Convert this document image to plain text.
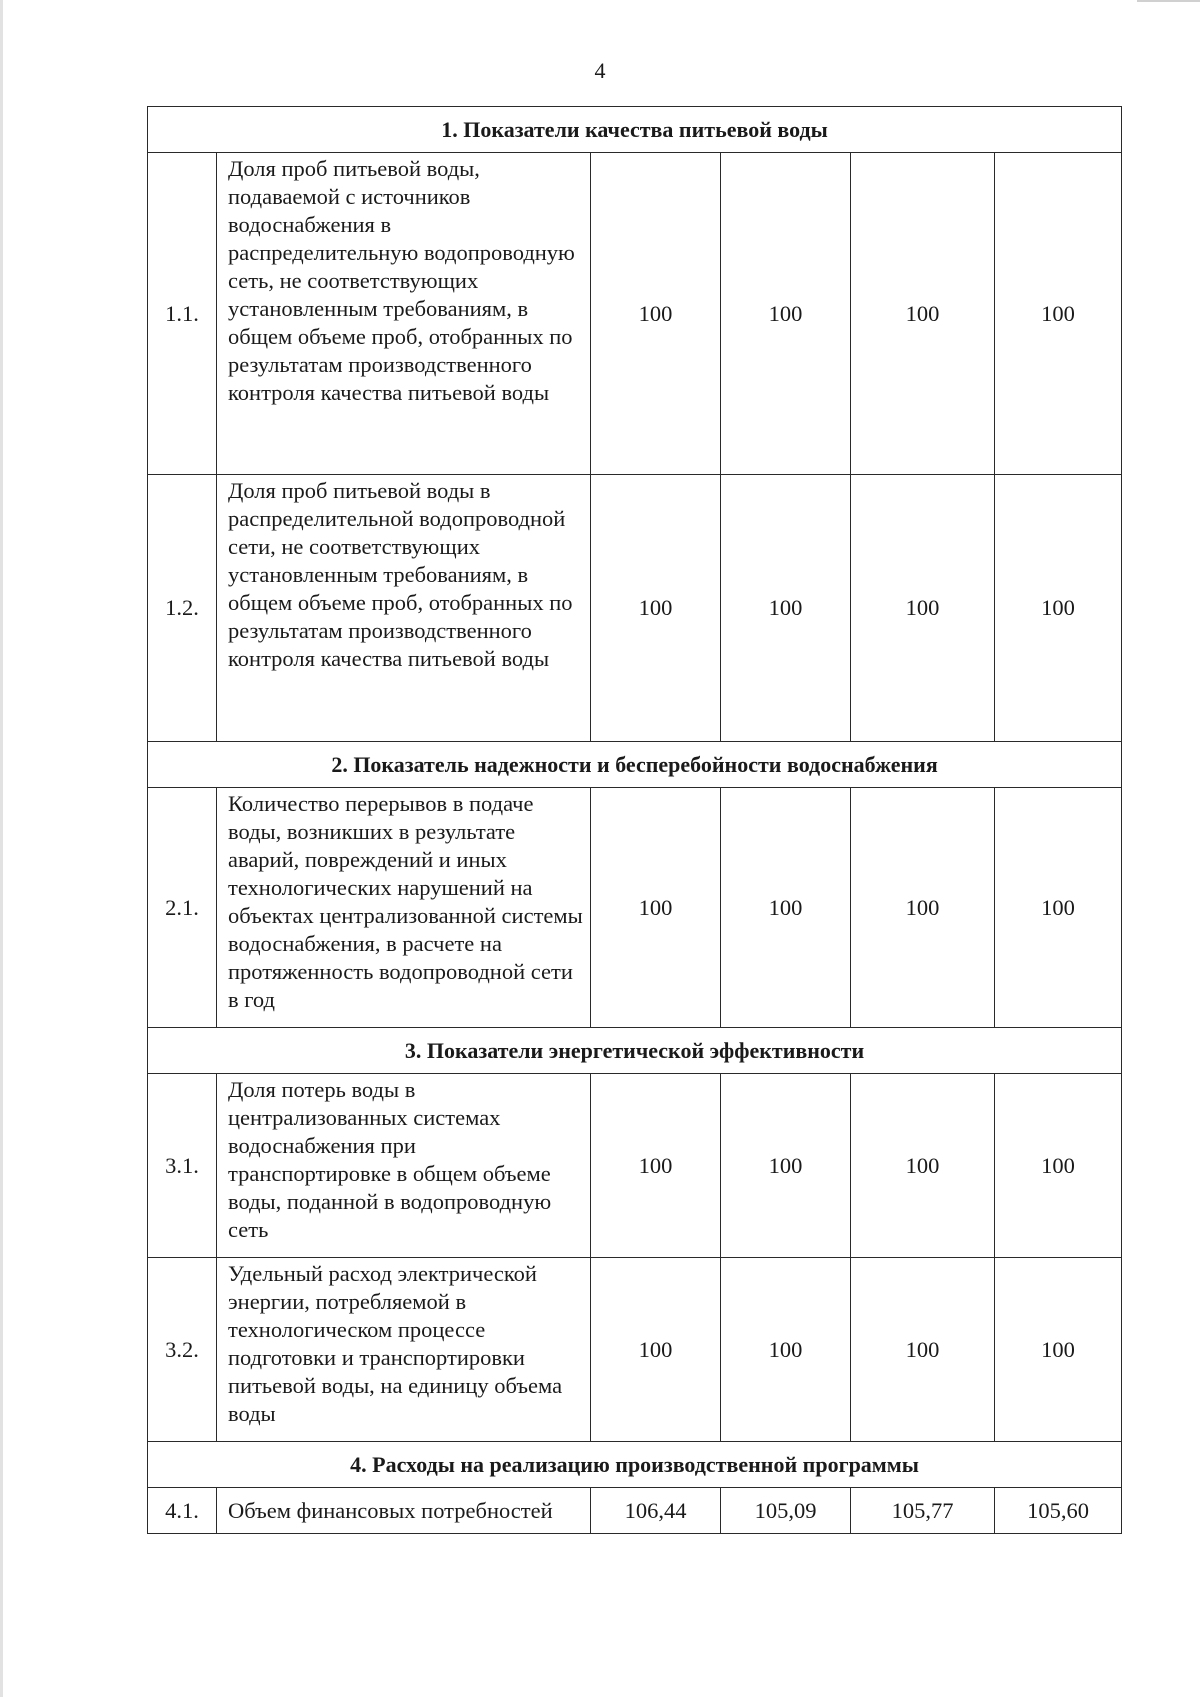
4
1. Показатели качества питьевой воды					
1.1.	Доля проб питьевой воды, подаваемой с источников водоснабжения в распределительную водопроводную сеть, не соответствующих установленным требованиям, в общем объеме проб, отобранных по результатам производственного контроля качества питьевой воды	100	100	100	100
1.2.	Доля проб питьевой воды в распределительной водопроводной сети, не соответствующих установленным требованиям, в общем объеме проб, отобранных по результатам производственного контроля качества питьевой воды	100	100	100	100
2. Показатель надежности и бесперебойности водоснабжения					
2.1.	Количество перерывов в подаче воды, возникших в результате аварий, повреждений и иных технологических нарушений на объектах централизованной системы водоснабжения, в расчете на протяженность водопроводной сети в год	100	100	100	100
3. Показатели энергетической эффективности					
3.1.	Доля потерь воды в централизованных системах водоснабжения при транспортировке в общем объеме воды, поданной в водопроводную сеть	100	100	100	100
3.2.	Удельный расход электрической энергии, потребляемой в технологическом процессе подготовки и транспортировки питьевой воды, на единицу объема воды	100	100	100	100
4. Расходы на реализацию производственной программы					
4.1.	Объем финансовых потребностей	106,44	105,09	105,77	105,60
